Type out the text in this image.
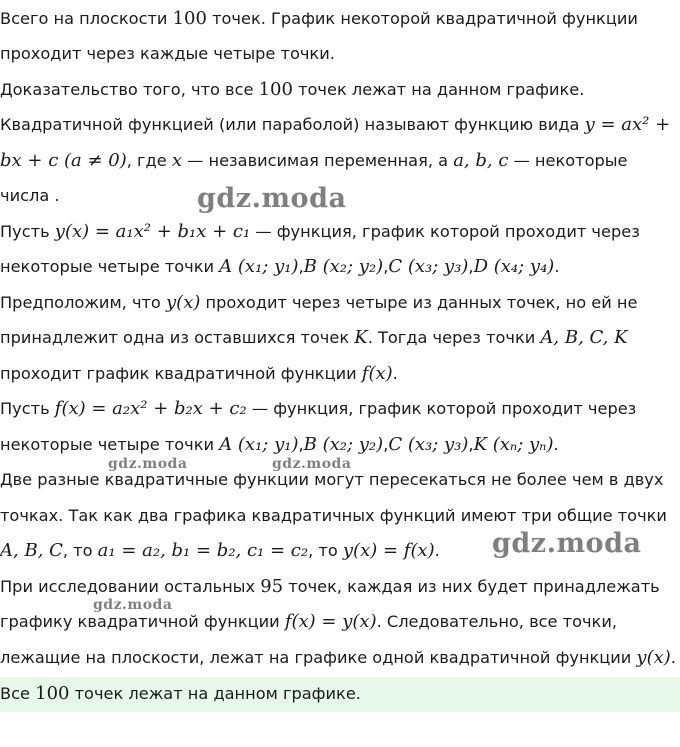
Всего на плоскости 100 точек. График некоторой квадратичной функции
проходит через каждые четыре точки.
Доказательство того, что все 100 точек лежат на данном графике.
Квадратичной функцией (или параболой) называют функцию вида y = ax² +
bx + c (a ≠ 0), где x — независимая переменная, а a, b, c — некоторые
числа .
Пусть y(x) = a₁x² + b₁x + c₁ — функция, график которой проходит через
некоторые четыре точки A (x₁; y₁),B (x₂; y₂),C (x₃; y₃),D (x₄; y₄).
Предположим, что y(x) проходит через четыре из данных точек, но ей не
принадлежит одна из оставшихся точек K. Тогда через точки A, B, C, K
проходит график квадратичной функции f(x).
Пусть f(x) = a₂x² + b₂x + c₂ — функция, график которой проходит через
некоторые четыре точки A (x₁; y₁),B (x₂; y₂),C (x₃; y₃),K (xₙ; yₙ).
Две разные квадратичные функции могут пересекаться не более чем в двух
точках. Так как два графика квадратичных функций имеют три общие точки
A, B, C, то a₁ = a₂, b₁ = b₂, c₁ = c₂, то y(x) = f(x).
При исследовании остальных 95 точек, каждая из них будет принадлежать
графику квадратичной функции f(x) = y(x). Следовательно, все точки,
лежащие на плоскости, лежат на графике одной квадратичной функции y(x).
Все 100 точек лежат на данном графике.
gdz.moda
gdz.moda	gdz.moda
gdz.moda
gdz.moda
